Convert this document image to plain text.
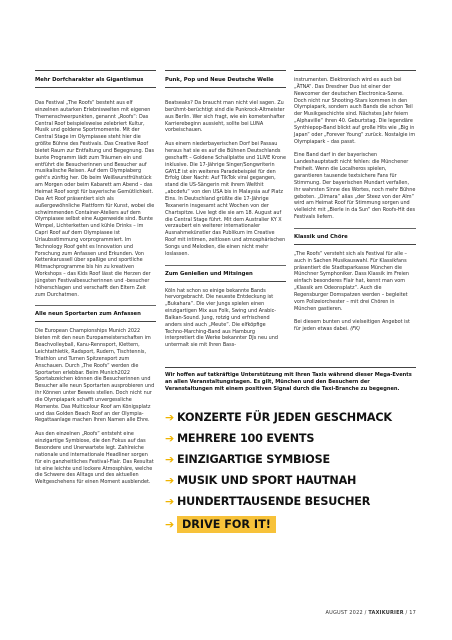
Mehr Dorfcharakter als Gigantismus

Das Festival „The Roofs“ besteht aus elf einzelnen autarken Erlebniswelten mit eigenen Themenschwerpunkten, genannt „Roofs“: Das Central Roof beispielsweise zelebriert Kultur, Musik und goldene Sportmomente. Mit der Central Stage im Olympiasee steht hier die größte Bühne des Festivals. Das Creative Roof bietet Raum zur Entfaltung und Begegnung. Das bunte Programm lädt zum Träumen ein und entführt die Besucherinnen und Besucher auf musikalische Reisen. Auf dem Olympiaberg geht's zünftig her. Ob beim Weißwurstfrühstück am Morgen oder beim Kabarett am Abend – das Heimat Roof sorgt für bayerische Gemütlichkeit. Das Art Roof präsentiert sich als außergewöhnliche Plattform für Kunst, wobei die schwimmenden Container-Ateliers auf dem Olympiasee selbst eine Augenweide sind. Bunte Wimpel, Lichterketten und kühle Drinks – im Capri Roof auf dem Olympiasee ist Urlaubsstimmung vorprogrammiert. Im Technology Roof geht es Innovation und Forschung zum Anfassen und Erkunden. Von Kettenkarussell über spaßige und sportliche Mitmachprogramme bis hin zu kreativen Workshops – das Kids Roof lässt die Herzen der jüngsten Festivalbesucherinnen und -besucher höherschlagen und verschafft den Eltern Zeit zum Durchatmen.

Alle neun Sportarten zum Anfassen

Die European Championships Munich 2022 bieten mit den neun Europameisterschaften im Beachvolleyball, Kanu-Rennsport, Klettern, Leichtathletik, Radsport, Rudern, Tischtennis, Triathlon und Turnen Spitzensport zum Anschauen. Durch „The Roofs“ werden die Sportarten erlebbar. Beim Munich2022 Sportabzeichen können die Besucherinnen und Besucher alle neun Sportarten ausprobieren und ihr Können unter Beweis stellen. Doch nicht nur die Olympiapark schafft unvergessliche Momente. Das Multicolour Roof am Königsplatz und das Golden Beach Roof an der Olympia-Regattaanlage machen Ihren Namen alle Ehre.

Aus den einzelnen „Roofs“ entsteht eine einzigartige Symbiose, die den Fokus auf das Besondere und Unerwartete legt. Zahlreiche nationale und internationale Headliner sorgen für ein ganzheitliches Festival-Flair. Das Resultat ist eine leichte und lockere Atmosphäre, welche die Schwere des Alltags und des aktuellen Weltgeschehens für einen Moment ausblendet.

Punk, Pop und Neue Deutsche Welle

Beatseaks? Da braucht man nicht viel sagen. Zu berühmt-berüchtigt sind die Punkrock-Altmeister aus Berlin. Wer sich fragt, wie ein kometenhafter Karrierebeginn aussieht, sollte bei LUNA vorbeischauen.

Aus einem niederbayerischen Dorf bei Passau heraus hat sie es auf die Bühnen Deutschlands geschafft – Goldene Schallplatte und 1LIVE Krone inklusive. Die 17-Jährige Singer/Songwriterin GAYLE ist ein weiteres Paradebeispiel für den Erfolg über Nacht: Auf TikTok viral gegangen, stand die US-Sängerin mit ihrem Welthit „abcdefu“ von den USA bis in Malaysia auf Platz Eins. In Deutschland grüßte die 17-Jährige Texanerin insgesamt acht Wochen von der Chartspitze. Live legt die sie am 18. August auf die Central Stage führt. Mit dem Australier KY X verzaubert ein weiterer internationaler Ausnahmekünstler das Publikum im Creative Roof mit intimen, zeitlosen und atmosphärischen Songs und Melodien, die einen nicht mehr loslassen.

Zum Genießen und Mitsingen

Köln hat schon so einige bekannte Bands hervorgebracht. Die neueste Entdeckung ist „Bukahara“. Die vier Jungs spielen einen einzigartigen Mix aus Folk, Swing und Arabic-Balkan-Sound. Jung, rotzig und erfrischend anders sind auch „Meute“. Die elfköpfige Techno-Marching-Band aus Hamburg interpretiert die Werke bekannter DJs neu und untermalt sie mit Ihren Bass-

instrumenten. Elektronisch wird es auch bei „ÄTNA“. Das Dresdner Duo ist einer der Newcomer der deutschen Electronica-Szene. Doch nicht nur Shooting-Stars kommen in den Olympiapark, sondern auch Bands die schon Teil der Musikgeschichte sind. Nächstes Jahr feiern „Alphaville“ ihren 40. Geburtstag. Die legendäre Synthiepop-Band blickt auf große Hits wie „Big in Japan“ oder „Forever Young“ zurück. Nostalgie im Olympiapark – das passt.

Eine Band darf in der bayerischen Landeshauptstadt nicht fehlen: die Münchener Freiheit. Wenn die Localheros spielen, garantieren tausende textsichere Fans für Stimmung. Der bayerischen Mundart verfallen, ihr wahrsten Sinne des Wortes, noch mehr Bühne geboten. „Oimara“ alias „der Steez von der Alm“ wird am Heimat Roof für Stimmung sorgen und vielleicht mit „Bierle in da Sun“ den Roofs-Hit des Festivals liefern.

Klassik und Chöre

„The Roofs“ versteht sich als Festival für alle – auch in Sachen Musikauswahl. Für Klassikfans präsentiert die Stadtsparkasse München die Münchner Symphoniker. Dass Klassik im Freien einfach besonderes Flair hat, kennt man vom „Klassik am Odeonsplatz“. Auch die Regensburger Domspatzen werden – begleitet vom Polizeiorchester – mit drei Chören in München gastieren.

Bei diesem bunten und vielseitigen Angebot ist für jeden etwas dabei. (FK)

Wir hoffen auf tatkräftige Unterstützung mit Ihren Taxis während dieser Mega-Events an allen Veranstaltungstagen. Es gilt, München und den Besuchern der Veranstaltungen mit einem positiven Signal durch die Taxi-Branche zu begegnen.
➔ KONZERTE FÜR JEDEN GESCHMACK
➔ MEHRERE 100 EVENTS
➔ EINZIGARTIGE SYMBIOSE
➔ MUSIK UND SPORT HAUTNAH
➔ HUNDERTTAUSENDE BESUCHER
➔ DRIVE FOR IT!
AUGUST 2022 / TAXIKURIER / 17
